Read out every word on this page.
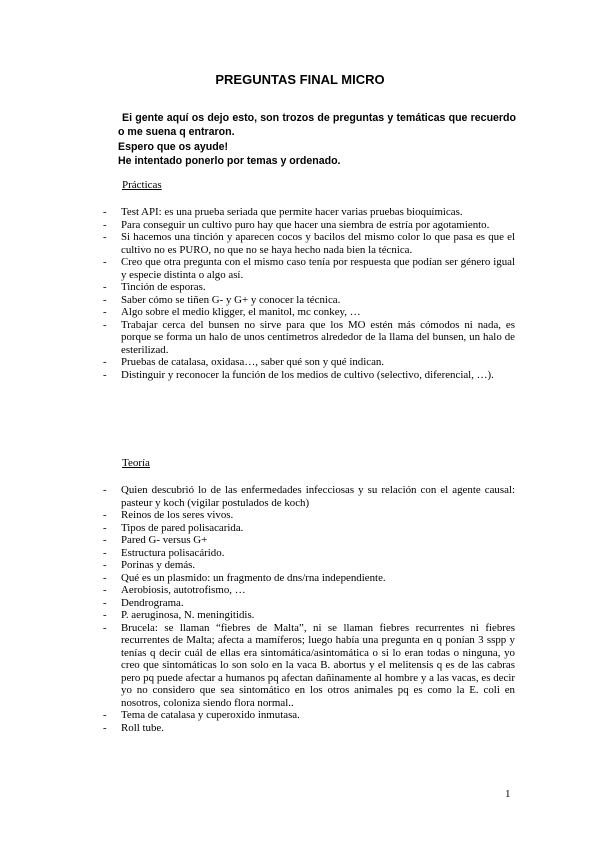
PREGUNTAS FINAL MICRO

Ei gente aquí os dejo esto, son trozos de preguntas y temáticas que recuerdo o me suena q entraron.

Espero que os ayude!

He intentado ponerlo por temas y ordenado.

Prácticas
- Test API: es una prueba seriada que permite hacer varias pruebas bioquímicas.
- Para conseguir un cultivo puro hay que hacer una siembra de estría por agotamiento.
- Si hacemos una tinción y aparecen cocos y bacilos del mismo color lo que pasa es que el cultivo no es PURO, no que no se haya hecho nada bien la técnica.
- Creo que otra pregunta con el mismo caso tenía por respuesta que podían ser género igual y especie distinta o algo así.
- Tinción de esporas.
- Saber cómo se tiñen G- y G+ y conocer la técnica.
- Algo sobre el medio kligger, el manitol, mc conkey, …
- Trabajar cerca del bunsen no sirve para que los MO estén más cómodos ni nada, es porque se forma un halo de unos centímetros alrededor de la llama del bunsen, un halo de esterilizad.
- Pruebas de catalasa, oxidasa…, saber qué son y qué indican.
- Distinguir y reconocer la función de los medios de cultivo (selectivo, diferencial, …).
Teoría
- Quien descubrió lo de las enfermedades infecciosas y su relación con el agente causal: pasteur y koch (vigilar postulados de koch)
- Reinos de los seres vivos.
- Tipos de pared polisacarida.
- Pared G- versus G+
- Estructura polisacárido.
- Porinas y demás.
- Qué es un plasmido: un fragmento de dns/rna independiente.
- Aerobiosis, autotrofismo, …
- Dendrograma.
- P. aeruginosa, N. meningitidis.
- Brucela: se llaman “fiebres de Malta”, ni se llaman fiebres recurrentes ni fiebres recurrentes de Malta; afecta a mamíferos; luego había una pregunta en q ponían 3 sspp y tenías q decir cuál de ellas era sintomática/asintomática o si lo eran todas o ninguna, yo creo que sintomáticas lo son solo en la vaca B. abortus y el melitensis q es de las cabras pero pq puede afectar a humanos pq afectan dañinamente al hombre y a las vacas, es decir yo no considero que sea sintomático en los otros animales pq es como la E. coli en nosotros, coloniza siendo flora normal..
- Tema de catalasa y cuperoxido inmutasa.
- Roll tube.
1
